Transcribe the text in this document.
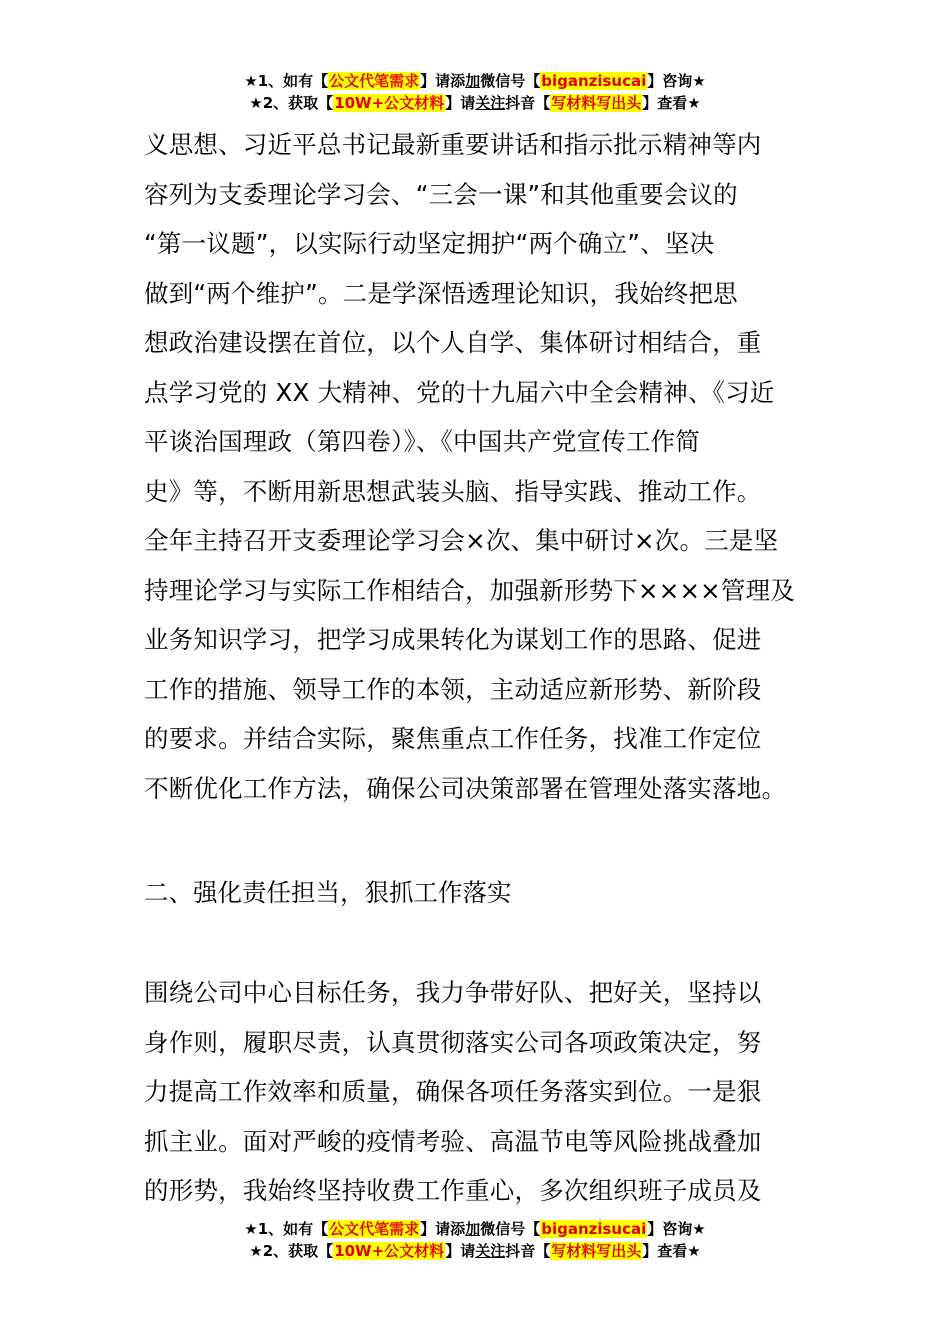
★1、如有【公文代笔需求】请添加微信号【biganzisucai】咨询★
★2、获取【10W+公文材料】请关注抖音【写材料写出头】查看★
义思想、习近平总书记最新重要讲话和指示批示精神等内
容列为支委理论学习会、“三会一课”和其他重要会议的
“第一议题”，以实际行动坚定拥护“两个确立”、坚决
做到“两个维护”。二是学深悟透理论知识，我始终把思
想政治建设摆在首位，以个人自学、集体研讨相结合，重
点学习党的 XX 大精神、党的十九届六中全会精神、《习近
平谈治国理政（第四卷）》、《中国共产党宣传工作简
史》等，不断用新思想武装头脑、指导实践、推动工作。
全年主持召开支委理论学习会×次、集中研讨×次。三是坚
持理论学习与实际工作相结合，加强新形势下××××管理及
业务知识学习，把学习成果转化为谋划工作的思路、促进
工作的措施、领导工作的本领，主动适应新形势、新阶段
的要求。并结合实际，聚焦重点工作任务，找准工作定位
不断优化工作方法，确保公司决策部署在管理处落实落地。
二、强化责任担当，狠抓工作落实
围绕公司中心目标任务，我力争带好队、把好关，坚持以
身作则，履职尽责，认真贯彻落实公司各项政策决定，努
力提高工作效率和质量，确保各项任务落实到位。一是狠
抓主业。面对严峻的疫情考验、高温节电等风险挑战叠加
的形势，我始终坚持收费工作重心，多次组织班子成员及
★1、如有【公文代笔需求】请添加微信号【biganzisucai】咨询★
★2、获取【10W+公文材料】请关注抖音【写材料写出头】查看★
